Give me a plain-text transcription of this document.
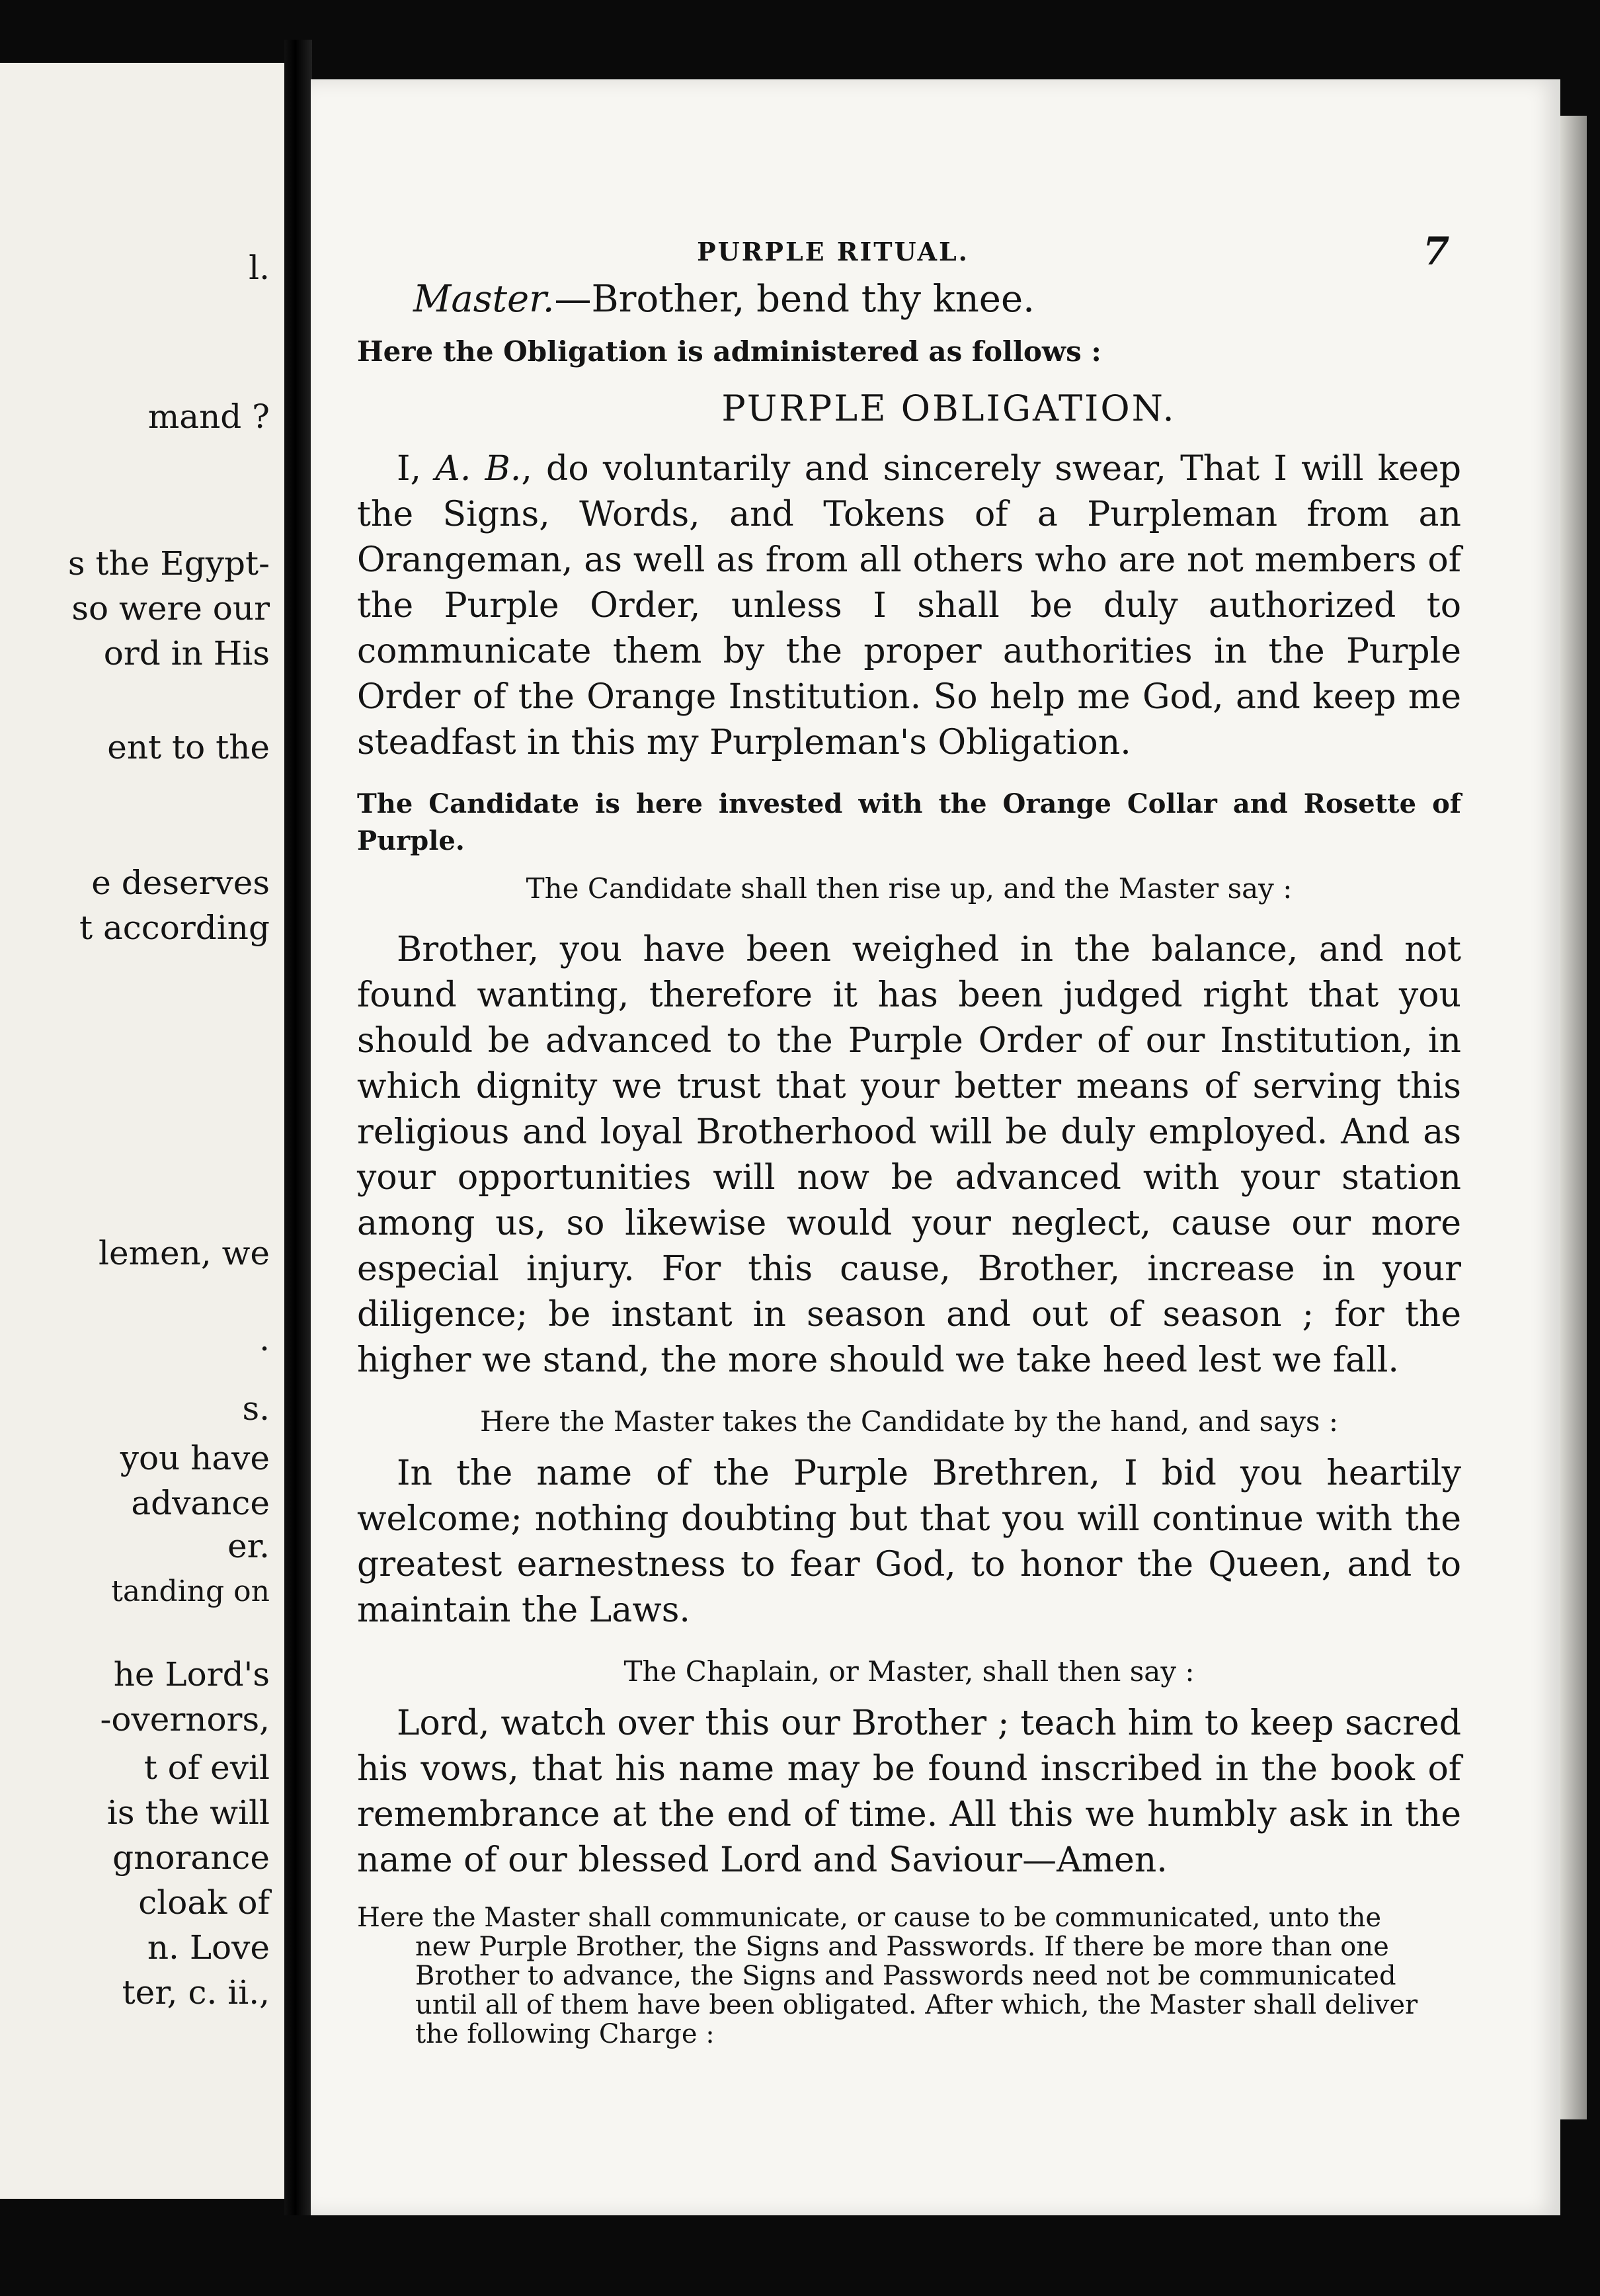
l.
mand ?
s the Egypt-
so were our
ord in His
ent to the
e deserves
t according
lemen, we
.
s.
you have
advance
er.
tanding on
he Lord's
-overnors,
t of evil
is the will
gnorance
cloak of
n. Love
ter, c. ii.,
PURPLE RITUAL.	7

Master.—Brother, bend thy knee.

Here the Obligation is administered as follows :

PURPLE OBLIGATION.

I, A. B., do voluntarily and sincerely swear, That I will keep the Signs, Words, and Tokens of a Purpleman from an Orangeman, as well as from all others who are not members of the Purple Order, unless I shall be duly authorized to communicate them by the proper authorities in the Purple Order of the Orange Institution. So help me God, and keep me steadfast in this my Purpleman's Obligation.

The Candidate is here invested with the Orange Collar and Rosette of Purple.

The Candidate shall then rise up, and the Master say :

Brother, you have been weighed in the balance, and not found wanting, therefore it has been judged right that you should be advanced to the Purple Order of our Institution, in which dignity we trust that your better means of serving this religious and loyal Brotherhood will be duly employed. And as your opportunities will now be advanced with your station among us, so likewise would your neglect, cause our more especial injury. For this cause, Brother, increase in your diligence; be instant in season and out of season ; for the higher we stand, the more should we take heed lest we fall.

Here the Master takes the Candidate by the hand, and says :

In the name of the Purple Brethren, I bid you heartily welcome; nothing doubting but that you will continue with the greatest earnestness to fear God, to honor the Queen, and to maintain the Laws.

The Chaplain, or Master, shall then say :

Lord, watch over this our Brother ; teach him to keep sacred his vows, that his name may be found inscribed in the book of remembrance at the end of time. All this we humbly ask in the name of our blessed Lord and Saviour—Amen.

Here the Master shall communicate, or cause to be communicated, unto the
new Purple Brother, the Signs and Passwords. If there be more than one Brother to advance, the Signs and Passwords need not be communicated until all of them have been obligated. After which, the Master shall deliver the following Charge :
